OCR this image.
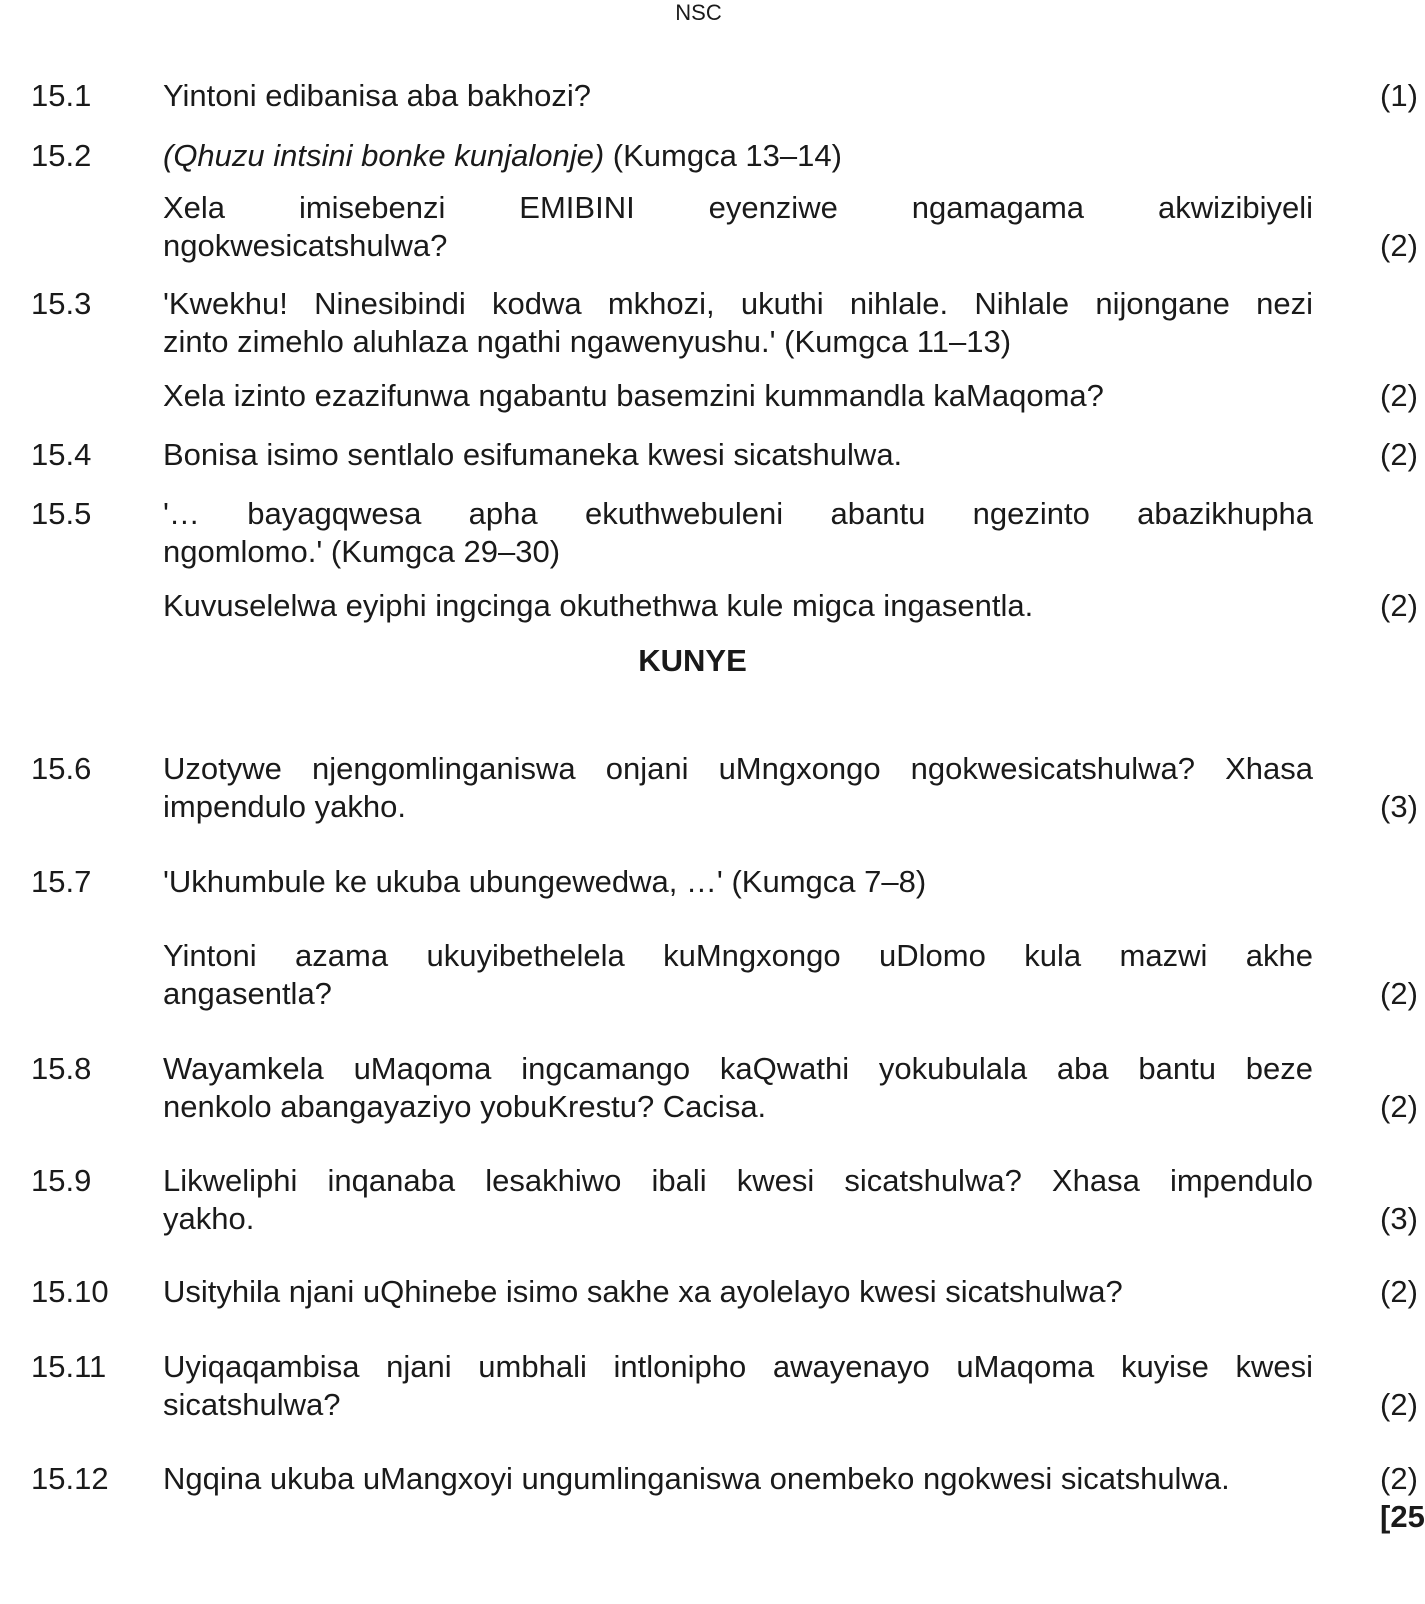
NSC
15.1 Yintoni edibanisa aba bakhozi?	(1)
15.2 (Qhuzu intsini bonke kunjalonje) (Kumgca 13–14)
Xela imisebenzi EMIBINI eyenziwe ngamagama akwizibiyeli
ngokwesicatshulwa?	(2)
15.3 'Kwekhu! Ninesibindi kodwa mkhozi, ukuthi nihlale. Nihlale nijongane nezi
zinto zimehlo aluhlaza ngathi ngawenyushu.' (Kumgca 11–13)
Xela izinto ezazifunwa ngabantu basemzini kummandla kaMaqoma?	(2)
15.4 Bonisa isimo sentlalo esifumaneka kwesi sicatshulwa.	(2)
15.5 '… bayagqwesa apha ekuthwebuleni abantu ngezinto abazikhupha
ngomlomo.' (Kumgca 29–30)
Kuvuselelwa eyiphi ingcinga okuthethwa kule migca ingasentla.	(2)
KUNYE
15.6 Uzotywe njengomlinganiswa onjani uMngxongo ngokwesicatshulwa? Xhasa
impendulo yakho.	(3)
15.7 'Ukhumbule ke ukuba ubungewedwa, …' (Kumgca 7–8)
Yintoni azama ukuyibethelela kuMngxongo uDlomo kula mazwi akhe
angasentla?	(2)
15.8 Wayamkela uMaqoma ingcamango kaQwathi yokubulala aba bantu beze
nenkolo abangayaziyo yobuKrestu? Cacisa.	(2)
15.9 Likweliphi inqanaba lesakhiwo ibali kwesi sicatshulwa? Xhasa impendulo
yakho.	(3)
15.10 Usityhila njani uQhinebe isimo sakhe xa ayolelayo kwesi sicatshulwa?	(2)
15.11 Uyiqaqambisa njani umbhali intlonipho awayenayo uMaqoma kuyise kwesi
sicatshulwa?	(2)
15.12 Ngqina ukuba uMangxoyi ungumlinganiswa onembeko ngokwesi sicatshulwa.	(2)
[25
